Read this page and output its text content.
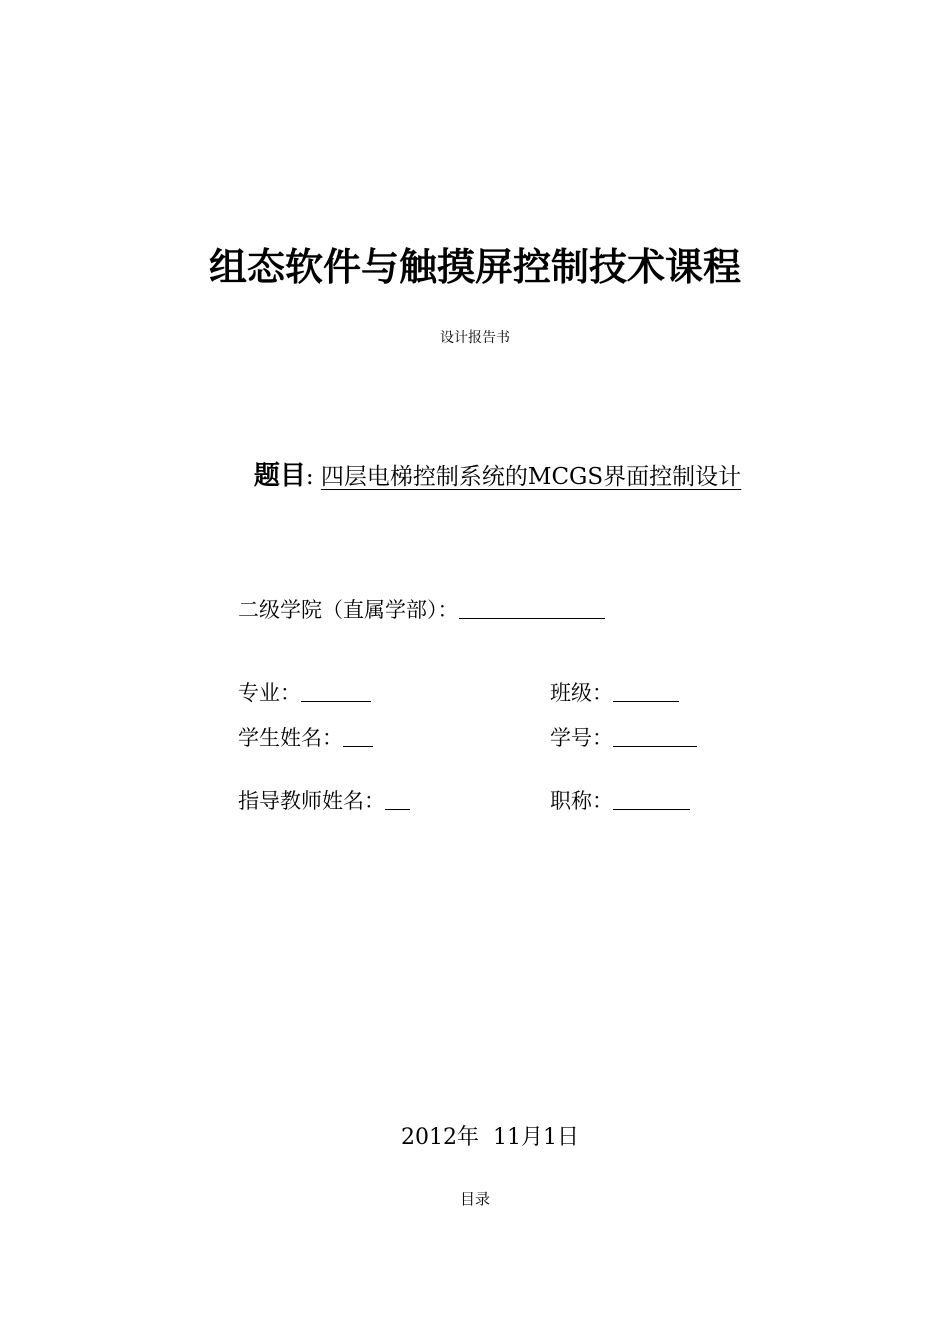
组态软件与触摸屏控制技术课程
设计报告书
题目: 四层电梯控制系统的MCGS界面控制设计
二级学院（直属学部）：
专业：	班级：
学生姓名：	学号：
指导教师姓名：	职称：
2012年  11月1日
目录
